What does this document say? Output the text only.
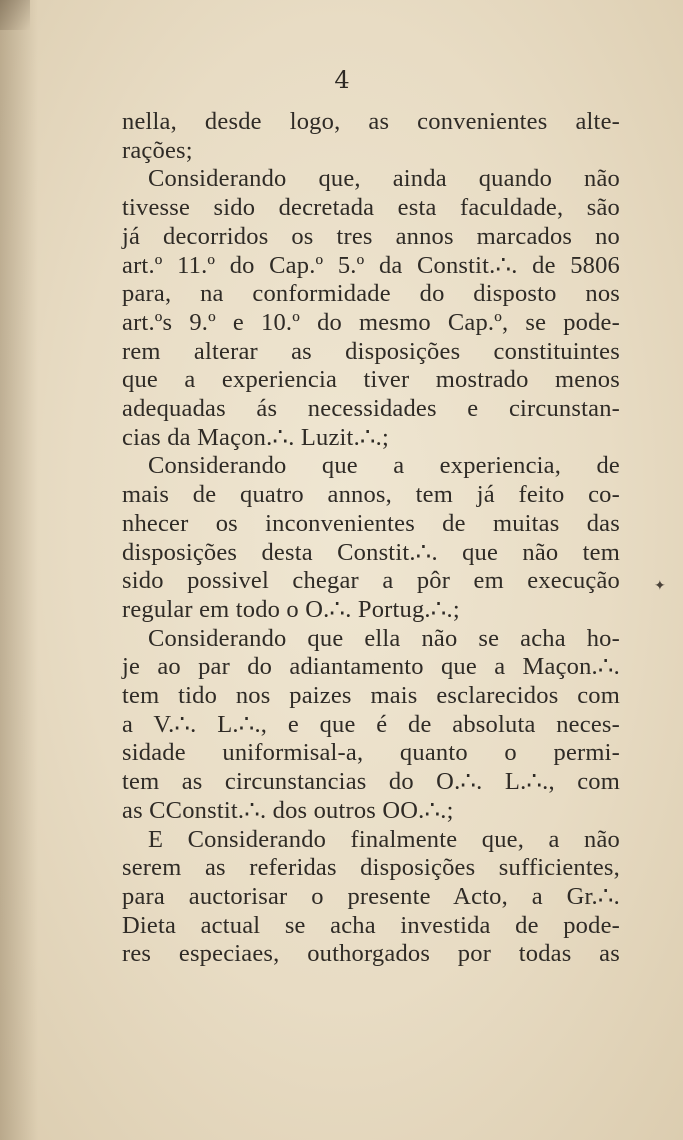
4
nella, desde logo, as convenientes alte-
rações;
Considerando que, ainda quando não
tivesse sido decretada esta faculdade, são
já decorridos os tres annos marcados no
art.º 11.º do Cap.º 5.º da Constit.∴. de 5806
para, na conformidade do disposto nos
art.ºs 9.º e 10.º do mesmo Cap.º, se pode-
rem alterar as disposições constituintes
que a experiencia tiver mostrado menos
adequadas ás necessidades e circunstan-
cias da Maçon.∴. Luzit.∴.;
Considerando que a experiencia, de
mais de quatro annos, tem já feito co-
nhecer os inconvenientes de muitas das
disposições desta Constit.∴. que não tem
sido possivel chegar a pôr em execução
regular em todo o O.∴. Portug.∴.;
Considerando que ella não se acha ho-
je ao par do adiantamento que a Maçon.∴.
tem tido nos paizes mais esclarecidos com
a V.∴. L.∴., e que é de absoluta neces-
sidade uniformisal-a, quanto o permi-
tem as circunstancias do O.∴. L.∴., com
as CConstit.∴. dos outros OO.∴.;
E Considerando finalmente que, a não
serem as referidas disposições sufficientes,
para auctorisar o presente Acto, a Gr.∴.
Dieta actual se acha investida de pode-
res especiaes, outhorgados por todas as
✦
